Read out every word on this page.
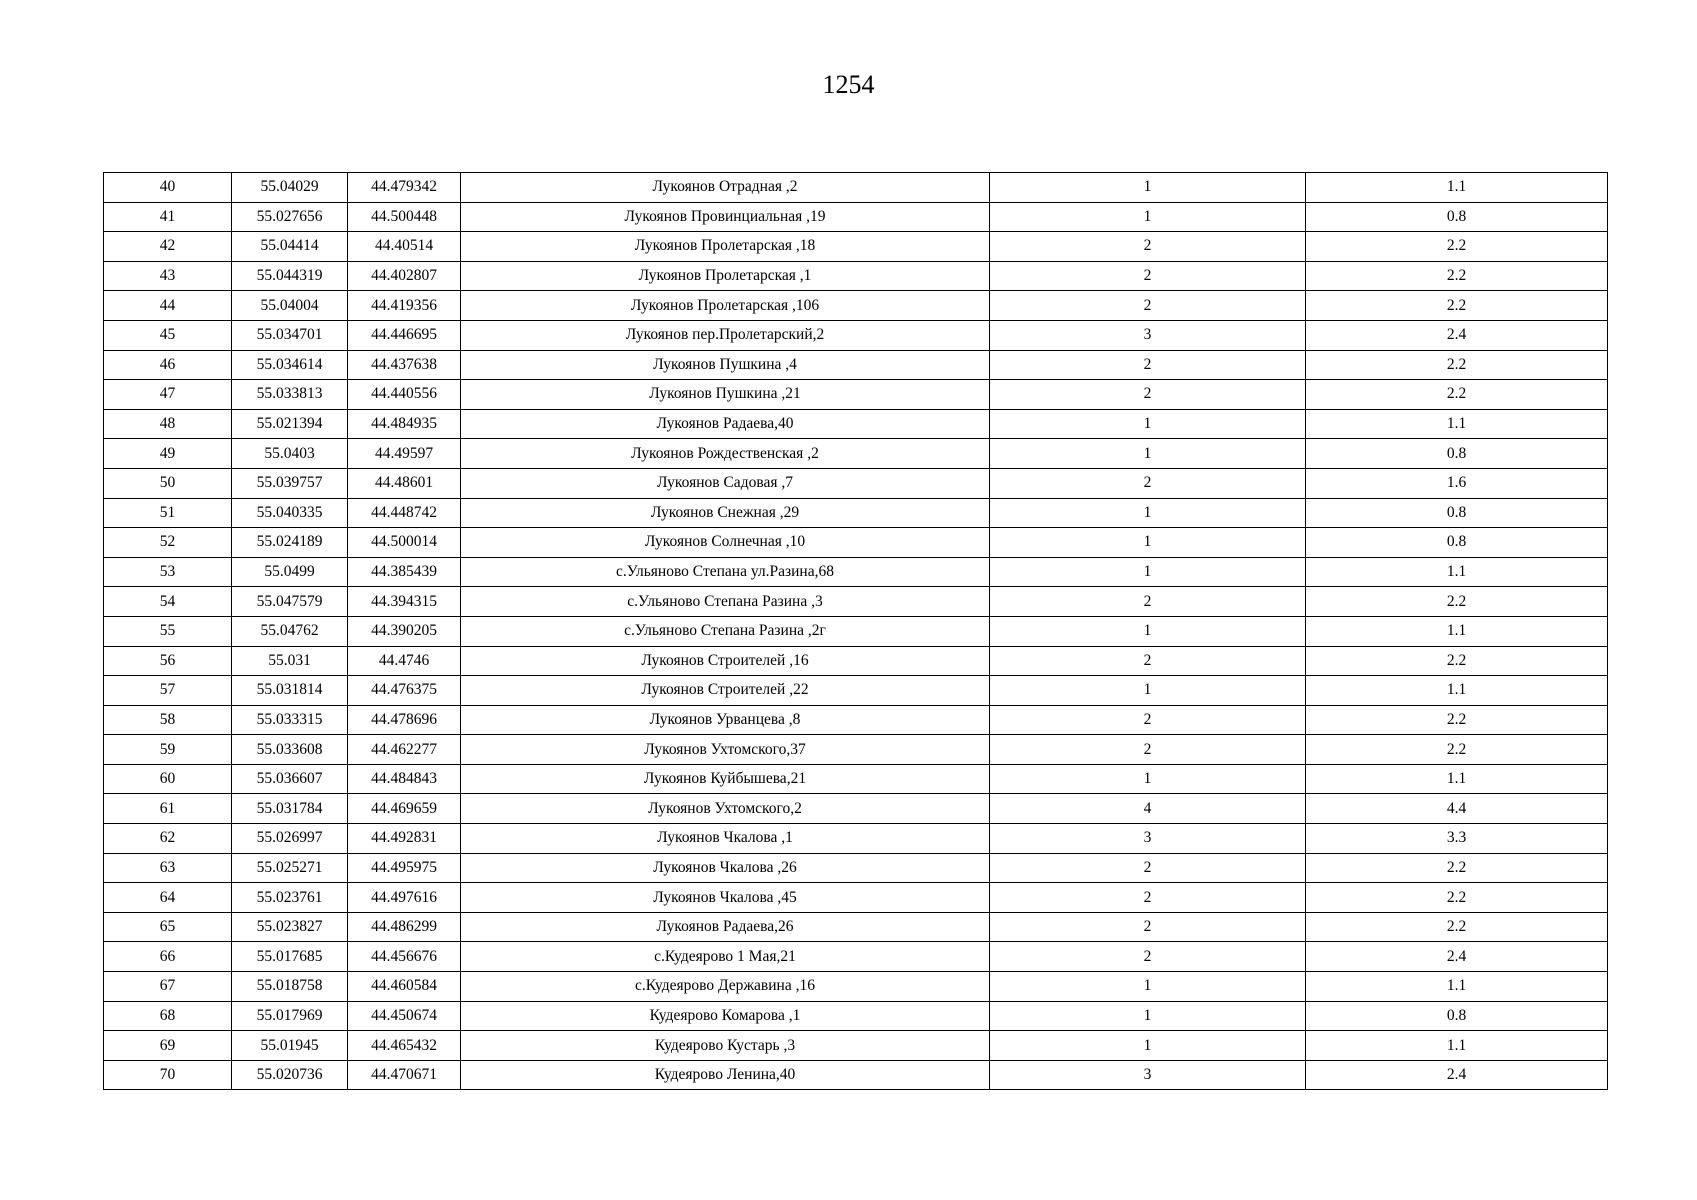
1254
40	55.04029	44.479342	Лукоянов Отрадная ,2	1	1.1
41	55.027656	44.500448	Лукоянов Провинциальная ,19	1	0.8
42	55.04414	44.40514	Лукоянов Пролетарская ,18	2	2.2
43	55.044319	44.402807	Лукоянов Пролетарская ,1	2	2.2
44	55.04004	44.419356	Лукоянов Пролетарская ,106	2	2.2
45	55.034701	44.446695	Лукоянов пер.Пролетарский,2	3	2.4
46	55.034614	44.437638	Лукоянов Пушкина ,4	2	2.2
47	55.033813	44.440556	Лукоянов Пушкина ,21	2	2.2
48	55.021394	44.484935	Лукоянов Радаева,40	1	1.1
49	55.0403	44.49597	Лукоянов Рождественская ,2	1	0.8
50	55.039757	44.48601	Лукоянов Садовая ,7	2	1.6
51	55.040335	44.448742	Лукоянов Снежная ,29	1	0.8
52	55.024189	44.500014	Лукоянов Солнечная ,10	1	0.8
53	55.0499	44.385439	с.Ульяново Степана ул.Разина,68	1	1.1
54	55.047579	44.394315	с.Ульяново Степана Разина ,3	2	2.2
55	55.04762	44.390205	с.Ульяново Степана Разина ,2г	1	1.1
56	55.031	44.4746	Лукоянов Строителей ,16	2	2.2
57	55.031814	44.476375	Лукоянов Строителей ,22	1	1.1
58	55.033315	44.478696	Лукоянов Урванцева ,8	2	2.2
59	55.033608	44.462277	Лукоянов Ухтомского,37	2	2.2
60	55.036607	44.484843	Лукоянов Куйбышева,21	1	1.1
61	55.031784	44.469659	Лукоянов Ухтомского,2	4	4.4
62	55.026997	44.492831	Лукоянов Чкалова ,1	3	3.3
63	55.025271	44.495975	Лукоянов Чкалова ,26	2	2.2
64	55.023761	44.497616	Лукоянов Чкалова ,45	2	2.2
65	55.023827	44.486299	Лукоянов Радаева,26	2	2.2
66	55.017685	44.456676	с.Кудеярово 1 Мая,21	2	2.4
67	55.018758	44.460584	с.Кудеярово Державина ,16	1	1.1
68	55.017969	44.450674	Кудеярово Комарова ,1	1	0.8
69	55.01945	44.465432	Кудеярово Кустарь ,3	1	1.1
70	55.020736	44.470671	Кудеярово Ленина,40	3	2.4
